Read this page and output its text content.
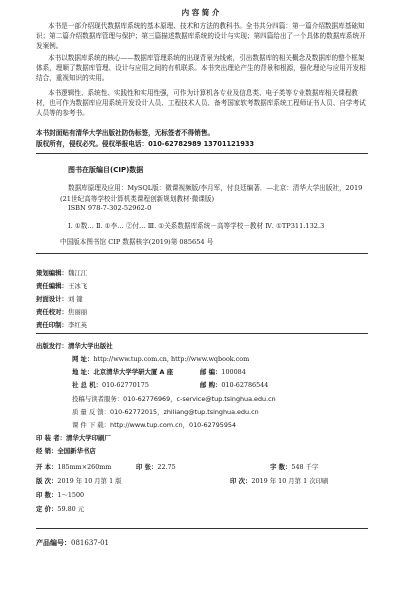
内 容 简 介
本书是一部介绍现代数据库系统的基本原理、技术和方法的教科书。全书共分四篇：第一篇介绍数据库基础知识；第二篇介绍数据库管理与保护；第三篇描述数据库系统的设计与实现；第四篇给出了一个具体的数据库系统开发案例。
本书以数据库系统的核心——数据库管理系统的出现背景为线索，引出数据库的相关概念及数据库的整个框架体系，理顺了数据库管理、设计与应用之间的有机联系。本书突出理论产生的背景和根源，强化理论与应用开发相结合，重视知识的实用。
本书逻辑性、系统性、实践性和实用性强，可作为计算机各专业及信息类、电子类等专业数据库相关课程教材，也可作为数据库应用系统开发设计人员、工程技术人员、备考国家软考数据库系统工程师证书人员、自学考试人员等的参考书。
本书封面贴有清华大学出版社防伪标签，无标签者不得销售。
版权所有，侵权必究。侵权举报电话：010-62782989 13701121933
图书在版编目(CIP)数据
数据库原理及应用：MySQL版：微课视频版/李月军，付良廷编著．—北京：清华大学出版社，2019
(21世纪高等学校计算机类课程创新规划教材·微课版)
ISBN 978-7-302-52962-0
Ⅰ. ①数… Ⅱ. ①李… ②付… Ⅲ. ①关系数据库系统－高等学校－教材 Ⅳ. ①TP311.132.3
中国版本图书馆 CIP 数据核字(2019)第 085654 号
策划编辑：魏江江
责任编辑：王冰飞
封面设计：刘 键
责任校对：焦丽丽
责任印制：李红英
出版发行：清华大学出版社
网 址：http://www.tup.com.cn, http://www.wqbook.com
地 址：北京清华大学学研大厦 A 座	邮 编：100084
社 总 机：010-62770175	邮 购：010-62786544
投稿与读者服务：010-62776969，c-service@tup.tsinghua.edu.cn
质 量 反 馈：010-62772015，zhiliang@tup.tsinghua.edu.cn
课 件 下 载：http://www.tup.com.cn，010-62795954
印 装 者：清华大学印刷厂
经 销：全国新华书店
开 本：185mm×260mm	印 张：22.75	字 数：548 千字
版 次：2019 年 10 月第 1 版	印 次：2019 年 10 月第 1 次印刷
印 数：1～1500
定 价：59.80 元
产品编号：081637-01
